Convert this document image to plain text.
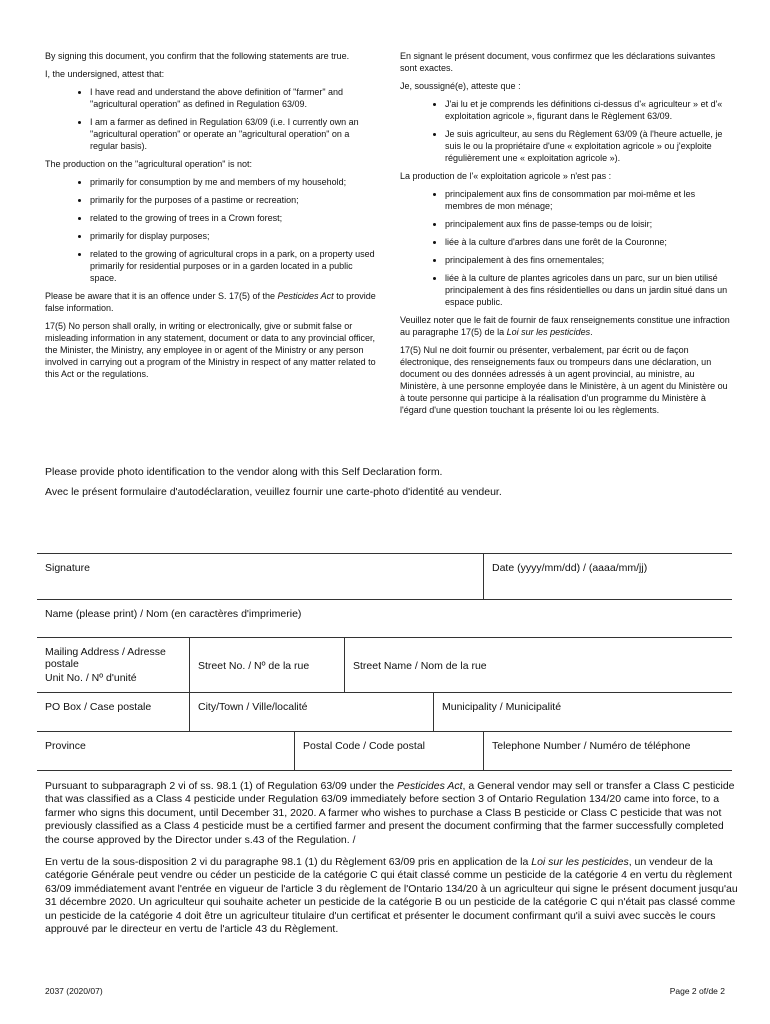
By signing this document, you confirm that the following statements are true.

I, the undersigned, attest that:

• I have read and understand the above definition of "farmer" and "agricultural operation" as defined in Regulation 63/09.
• I am a farmer as defined in Regulation 63/09 (i.e. I currently own an "agricultural operation" or operate an "agricultural operation" on a regular basis).

The production on the "agricultural operation" is not:

• primarily for consumption by me and members of my household;
• primarily for the purposes of a pastime or recreation;
• related to the growing of trees in a Crown forest;
• primarily for display purposes;
• related to the growing of agricultural crops in a park, on a property used primarily for residential purposes or in a garden located in a public space.

Please be aware that it is an offence under S. 17(5) of the Pesticides Act to provide false information.

17(5) No person shall orally, in writing or electronically, give or submit false or misleading information in any statement, document or data to any provincial officer, the Minister, the Ministry, any employee in or agent of the Ministry or any person involved in carrying out a program of the Ministry in respect of any matter related to this Act or the regulations.

En signant le présent document, vous confirmez que les déclarations suivantes sont exactes.

Je, soussigné(e), atteste que :

• J'ai lu et je comprends les définitions ci-dessus d'« agriculteur » et d'« exploitation agricole », figurant dans le Règlement 63/09.
• Je suis agriculteur, au sens du Règlement 63/09 (à l'heure actuelle, je suis le ou la propriétaire d'une « exploitation agricole » ou j'exploite régulièrement une « exploitation agricole »).

La production de l'« exploitation agricole » n'est pas :

• principalement aux fins de consommation par moi-même et les membres de mon ménage;
• principalement aux fins de passe-temps ou de loisir;
• liée à la culture d'arbres dans une forêt de la Couronne;
• principalement à des fins ornementales;
• liée à la culture de plantes agricoles dans un parc, sur un bien utilisé principalement à des fins résidentielles ou dans un jardin situé dans un espace public.

Veuillez noter que le fait de fournir de faux renseignements constitue une infraction au paragraphe 17(5) de la Loi sur les pesticides.

17(5) Nul ne doit fournir ou présenter, verbalement, par écrit ou de façon électronique, des renseignements faux ou trompeurs dans une déclaration, un document ou des données adressés à un agent provincial, au ministre, au Ministère, à une personne employée dans le Ministère, à un agent du Ministère ou à toute personne qui participe à la réalisation d'un programme du Ministère à l'égard d'une question touchant la présente loi ou les règlements.

Please provide photo identification to the vendor along with this Self Declaration form.
Avec le présent formulaire d'autodéclaration, veuillez fournir une carte-photo d'identité au vendeur.
Signature	Date (yyyy/mm/dd) / (aaaa/mm/jj)
Name (please print) / Nom (en caractères d'imprimerie)
Mailing Address / Adresse postale
Unit No. / Nº d'unité
Street No. / Nº de la rue	Street Name / Nom de la rue
PO Box / Case postale	City/Town / Ville/localité	Municipality / Municipalité
Province	Postal Code / Code postal	Telephone Number / Numéro de téléphone

Pursuant to subparagraph 2 vi of ss. 98.1 (1) of Regulation 63/09 under the Pesticides Act, a General vendor may sell or transfer a Class C pesticide that was classified as a Class 4 pesticide under Regulation 63/09 immediately before section 3 of Ontario Regulation 134/20 came into force, to a farmer who signs this document, until December 31, 2020. A farmer who wishes to purchase a Class B pesticide or Class C pesticide that was not previously classified as a Class 4 pesticide must be a certified farmer and present the document confirming that the farmer successfully completed the course approved by the Director under s.43 of the Regulation. /

En vertu de la sous-disposition 2 vi du paragraphe 98.1 (1) du Règlement 63/09 pris en application de la Loi sur les pesticides, un vendeur de la catégorie Générale peut vendre ou céder un pesticide de la catégorie C qui était classé comme un pesticide de la catégorie 4 en vertu du règlement 63/09 immédiatement avant l'entrée en vigueur de l'article 3 du règlement de l'Ontario 134/20 à un agriculteur qui signe le présent document jusqu'au 31 décembre 2020. Un agriculteur qui souhaite acheter un pesticide de la catégorie B ou un pesticide de la catégorie C qui n'était pas classé comme un pesticide de la catégorie 4 doit être un agriculteur titulaire d'un certificat et présenter le document confirmant qu'il a suivi avec succès le cours approuvé par le directeur en vertu de l'article 43 du Règlement.

2037 (2020/07)	Page 2 of/de 2
